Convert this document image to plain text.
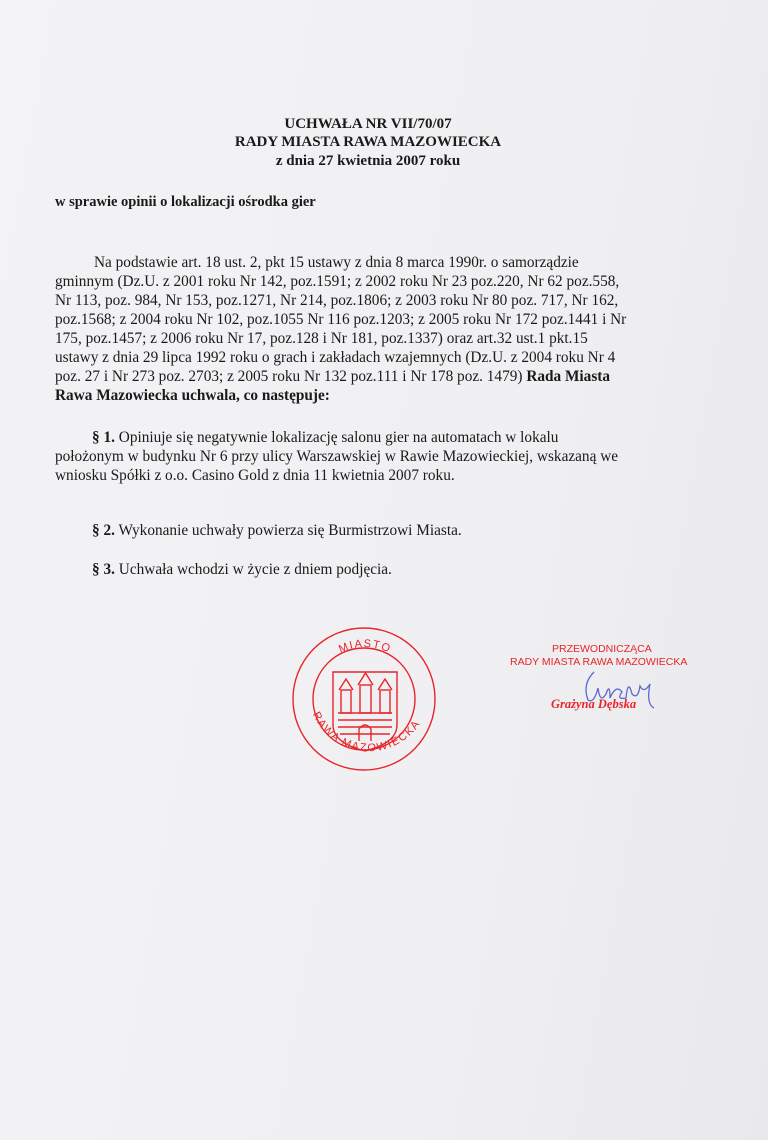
UCHWAŁA NR VII/70/07
RADY MIASTA RAWA MAZOWIECKA
z dnia 27 kwietnia 2007 roku
w sprawie opinii o lokalizacji ośrodka gier
Na podstawie art. 18 ust. 2, pkt 15 ustawy z dnia 8 marca 1990r. o samorządzie
gminnym (Dz.U. z 2001 roku Nr 142, poz.1591; z 2002 roku Nr 23 poz.220, Nr 62 poz.558,
Nr 113, poz. 984, Nr 153, poz.1271, Nr 214, poz.1806; z 2003 roku Nr 80 poz. 717, Nr 162,
poz.1568; z 2004 roku Nr 102, poz.1055 Nr 116 poz.1203; z 2005 roku Nr 172 poz.1441 i Nr
175, poz.1457; z 2006 roku Nr 17, poz.128 i Nr 181, poz.1337) oraz art.32 ust.1 pkt.15
ustawy z dnia 29 lipca 1992 roku o grach i zakładach wzajemnych (Dz.U. z 2004 roku Nr 4
poz. 27 i Nr 273 poz. 2703; z 2005 roku Nr 132 poz.111 i Nr 178 poz. 1479) Rada Miasta
Rawa Mazowiecka uchwala, co następuje:
§ 1. Opiniuje się negatywnie lokalizację salonu gier na automatach w lokalu
położonym w budynku Nr 6 przy ulicy Warszawskiej w Rawie Mazowieckiej, wskazaną we
wniosku Spółki z o.o. Casino Gold z dnia 11 kwietnia 2007 roku.
§ 2. Wykonanie uchwały powierza się Burmistrzowi Miasta.
§ 3. Uchwała wchodzi w życie z dniem podjęcia.
MIASTO
RAWA MAZOWIECKA
PRZEWODNICZĄCA
RADY MIASTA RAWA MAZOWIECKA
Grażyna Dębska
